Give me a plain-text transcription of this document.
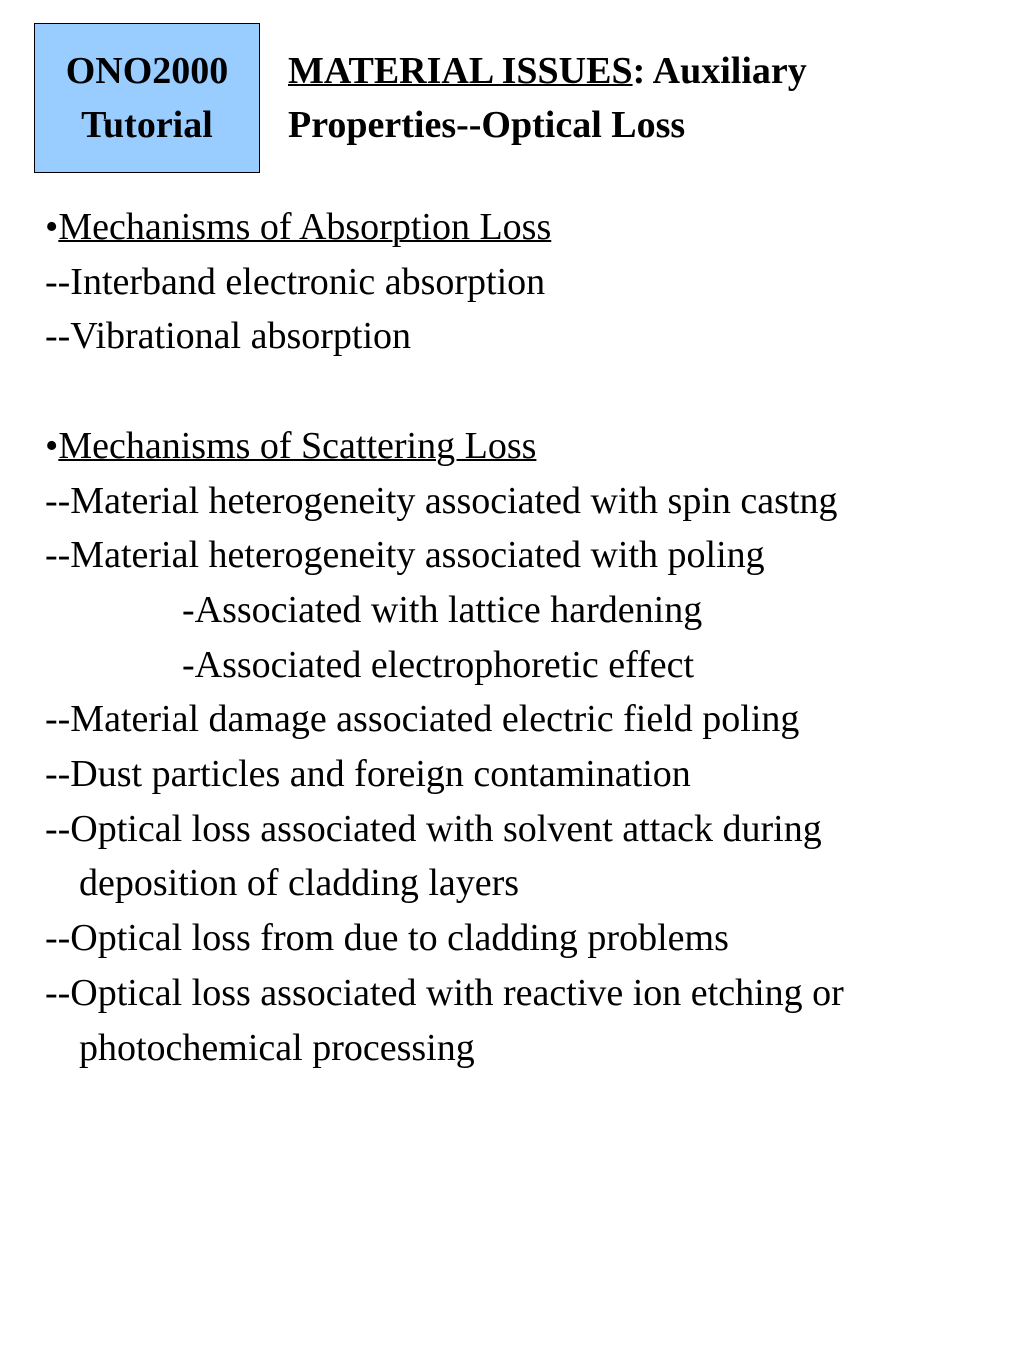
ONO2000
Tutorial
MATERIAL ISSUES: Auxiliary
Properties--Optical Loss
•Mechanisms of Absorption Loss
--Interband electronic absorption
--Vibrational absorption
•Mechanisms of Scattering Loss
--Material heterogeneity associated with spin castng
--Material heterogeneity associated with poling
-Associated with lattice hardening
-Associated electrophoretic effect
--Material damage associated electric field poling
--Dust particles and foreign contamination
--Optical loss associated with solvent attack during
deposition of cladding layers
--Optical loss from due to cladding problems
--Optical loss associated with reactive ion etching or
photochemical processing
